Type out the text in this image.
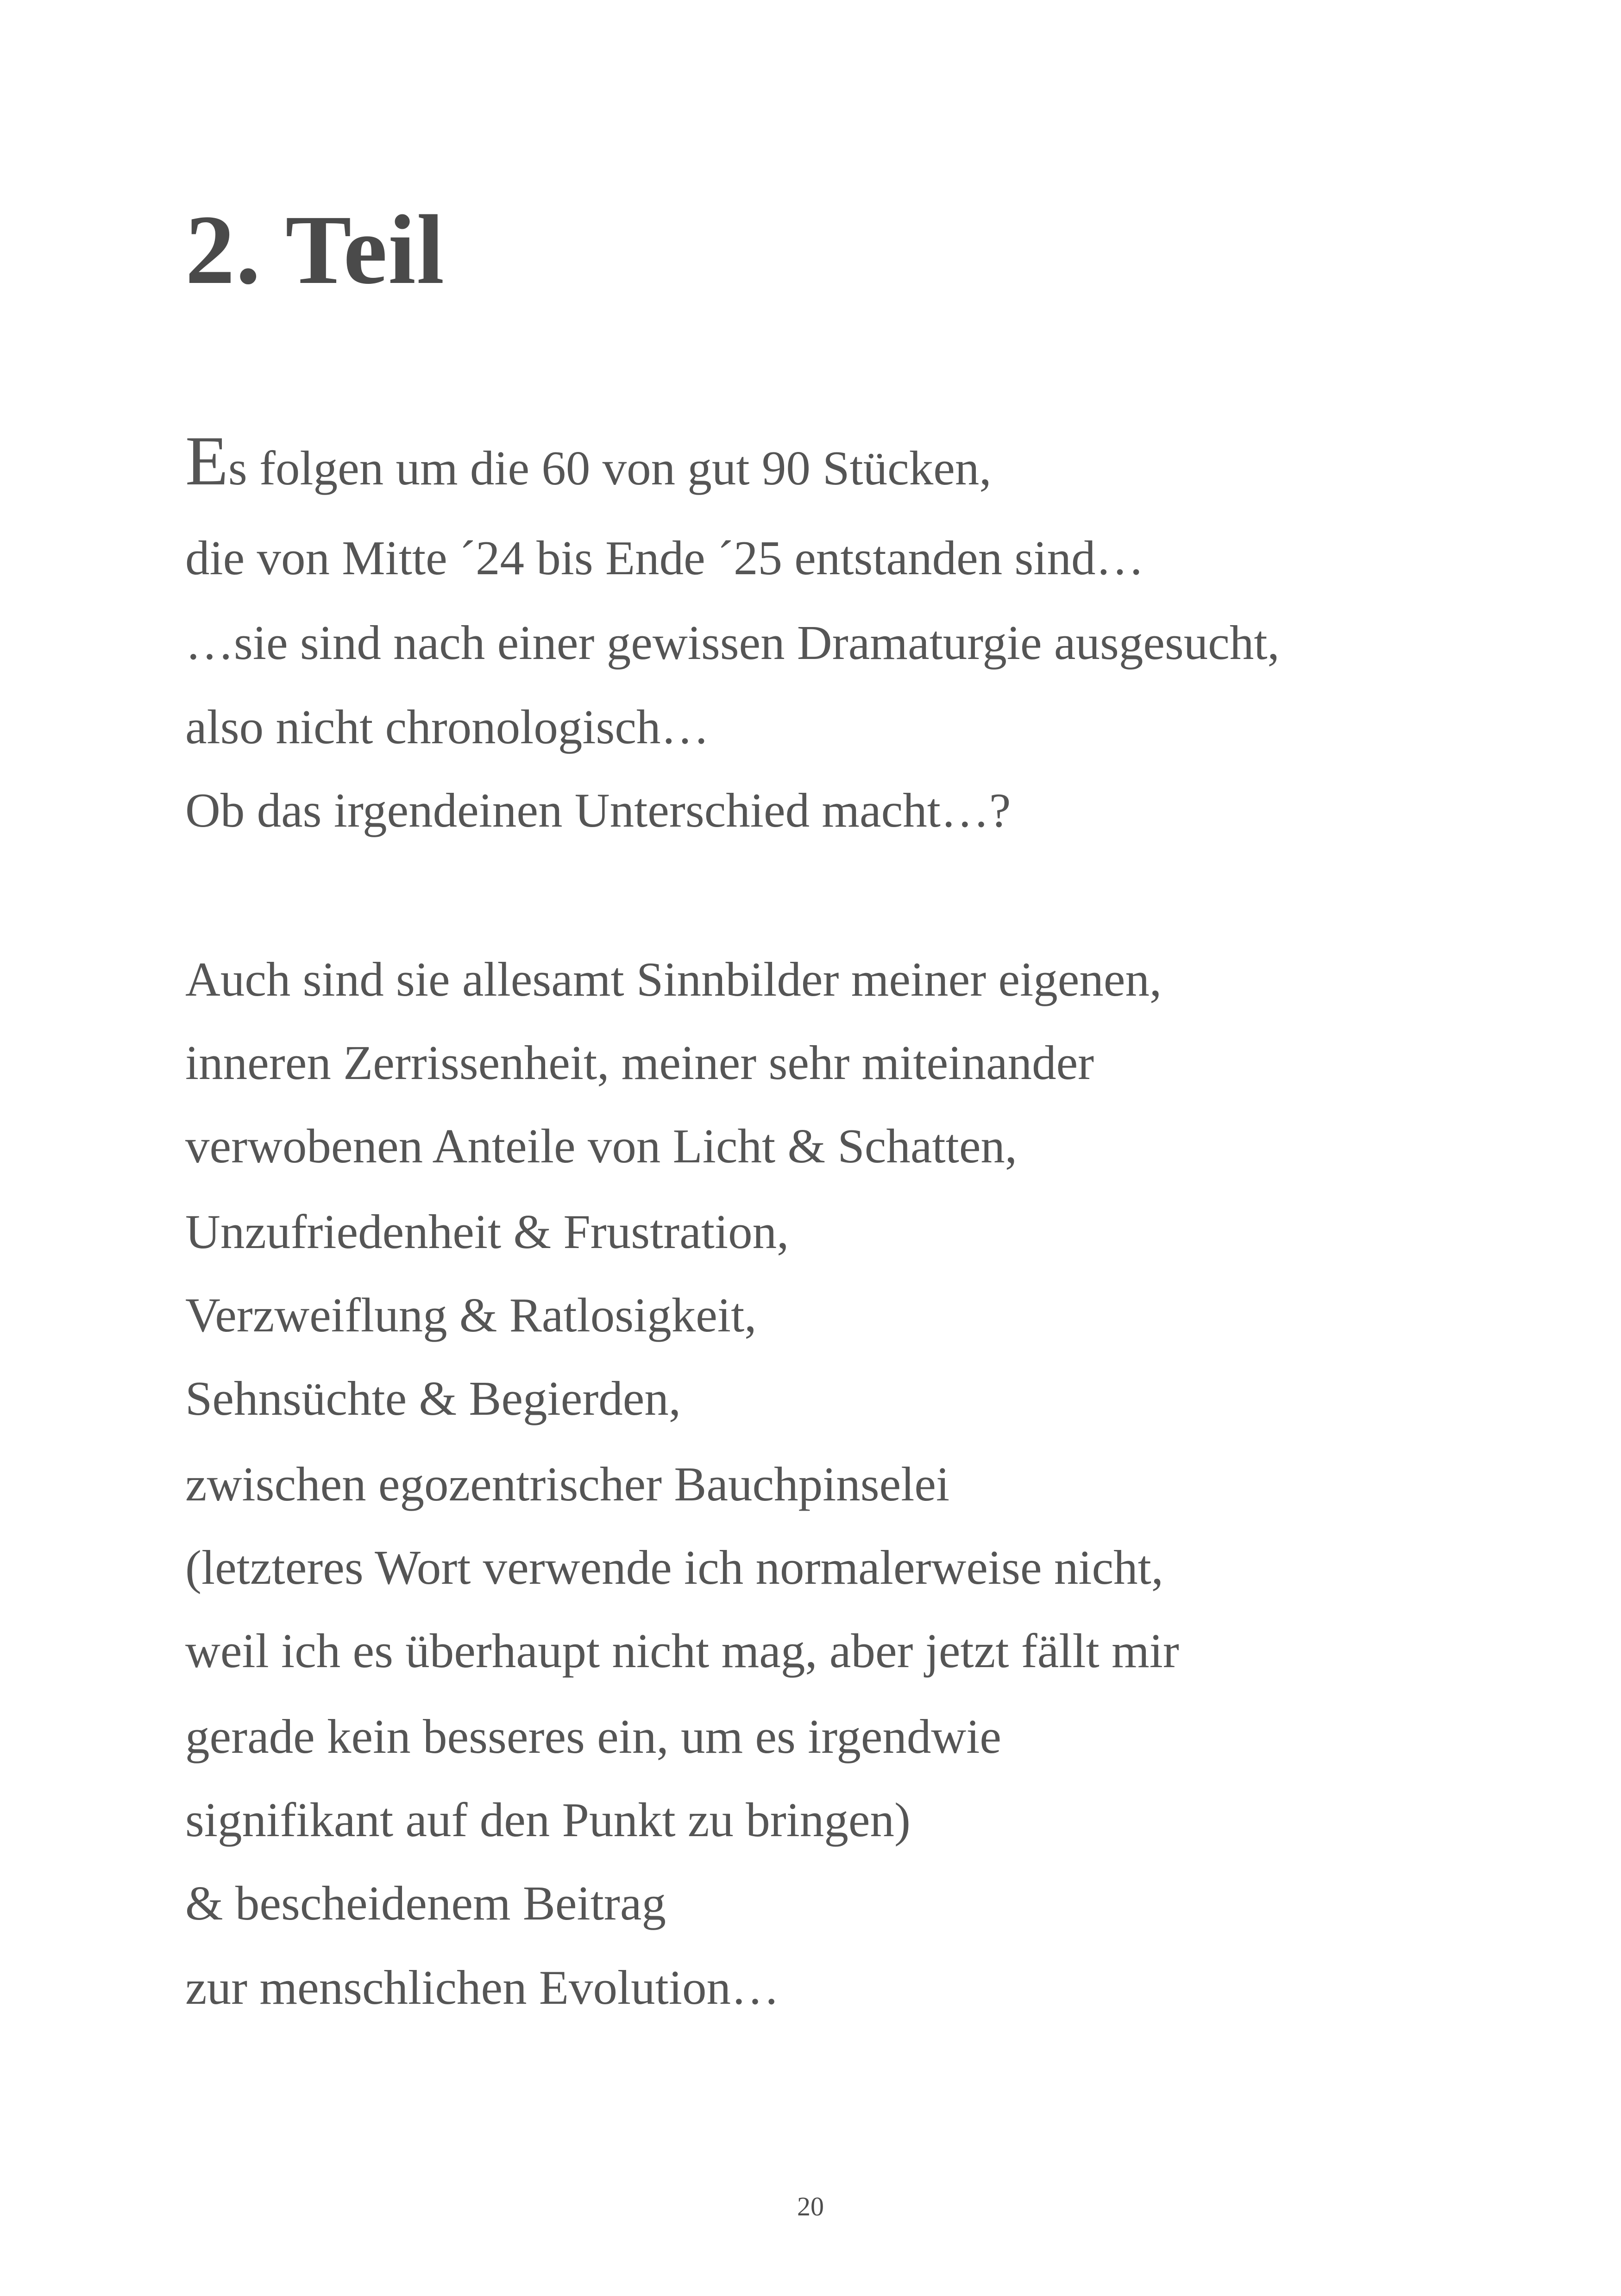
2. Teil
Es folgen um die 60 von gut 90 Stücken,
die von Mitte ´24 bis Ende ´25 entstanden sind…
…sie sind nach einer gewissen Dramaturgie ausgesucht,
also nicht chronologisch…
Ob das irgendeinen Unterschied macht…?
Auch sind sie allesamt Sinnbilder meiner eigenen,
inneren Zerrissenheit, meiner sehr miteinander
verwobenen Anteile von Licht & Schatten,
Unzufriedenheit & Frustration,
Verzweiflung & Ratlosigkeit,
Sehnsüchte & Begierden,
zwischen egozentrischer Bauchpinselei
(letzteres Wort verwende ich normalerweise nicht,
weil ich es überhaupt nicht mag, aber jetzt fällt mir
gerade kein besseres ein, um es irgendwie
signifikant auf den Punkt zu bringen)
& bescheidenem Beitrag
zur menschlichen Evolution…
20
